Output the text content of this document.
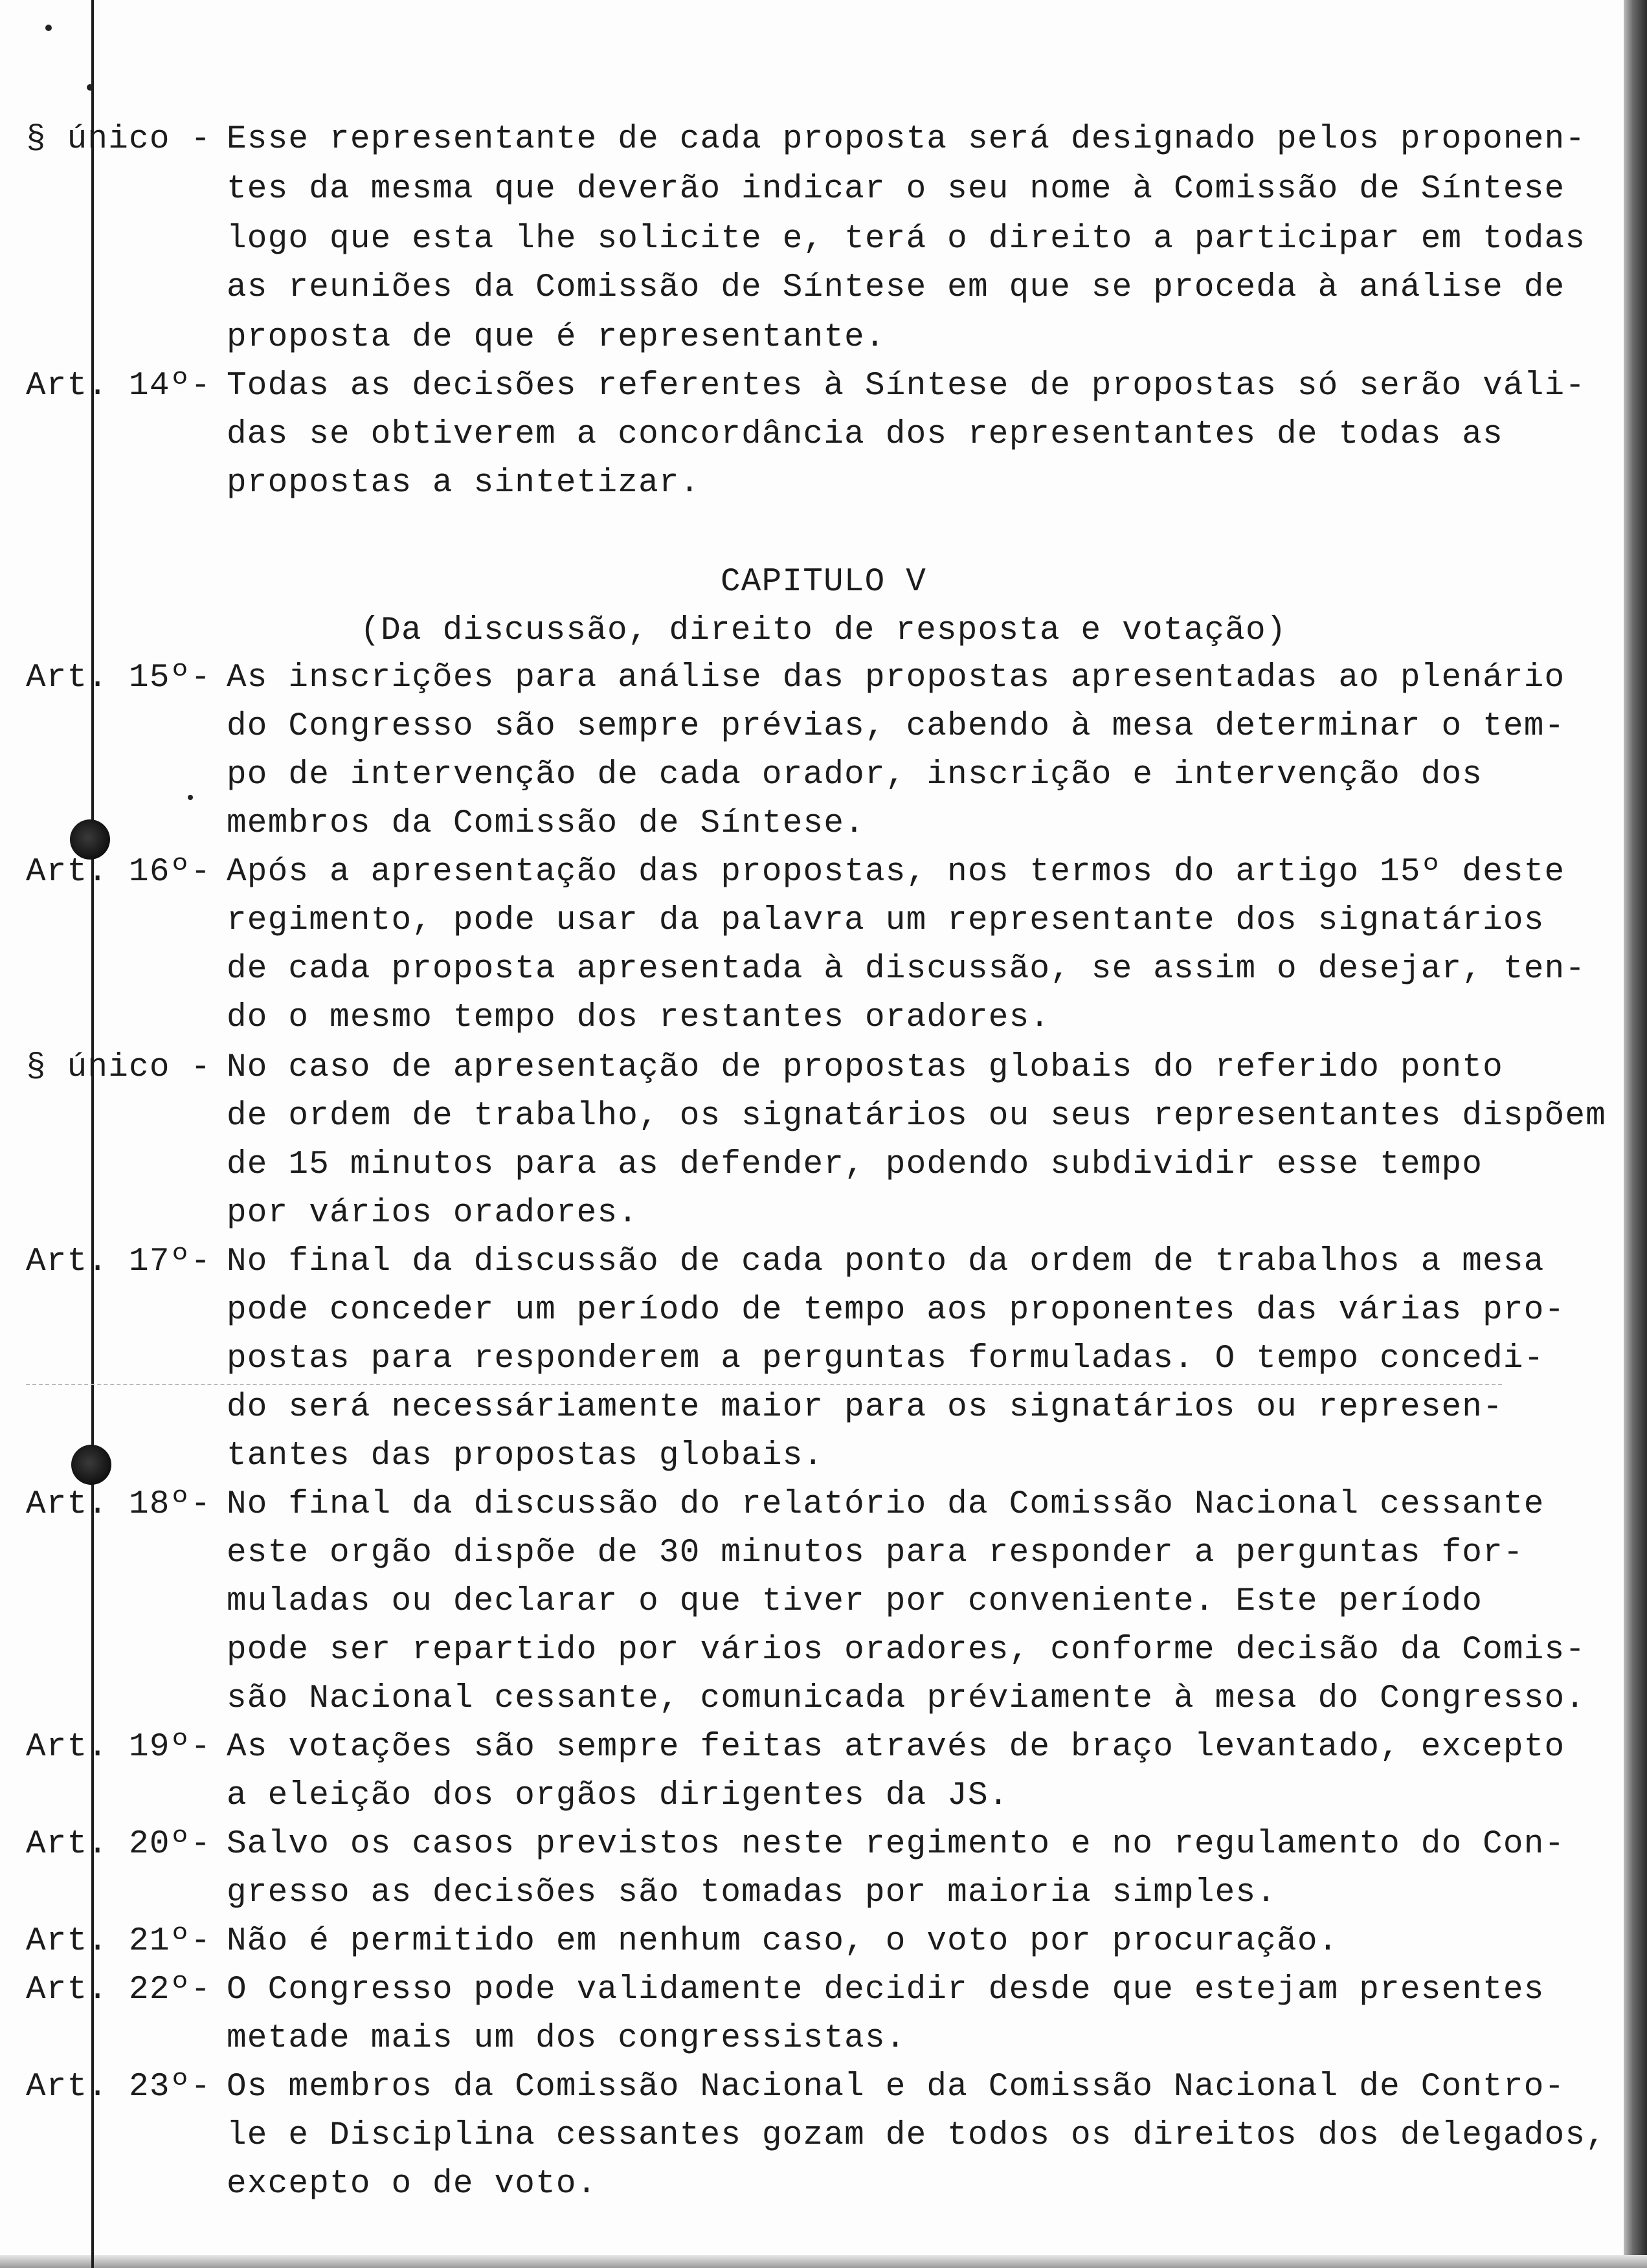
§ único - Esse representante de cada proposta será designado pelos proponen-
tes da mesma que deverão indicar o seu nome à Comissão de Síntese
logo que esta lhe solicite e, terá o direito a participar em todas
as reuniões da Comissão de Síntese em que se proceda à análise de
proposta de que é representante.
Art. 14º- Todas as decisões referentes à Síntese de propostas só serão váli-
das se obtiverem a concordância dos representantes de todas as
propostas a sintetizar.
CAPITULO V
(Da discussão, direito de resposta e votação)
Art. 15º- As inscrições para análise das propostas apresentadas ao plenário
do Congresso são sempre prévias, cabendo à mesa determinar o tem-
po de intervenção de cada orador, inscrição e intervenção dos
membros da Comissão de Síntese.
Art. 16º- Após a apresentação das propostas, nos termos do artigo 15º deste
regimento, pode usar da palavra um representante dos signatários
de cada proposta apresentada à discussão, se assim o desejar, ten-
do o mesmo tempo dos restantes oradores.
§ único - No caso de apresentação de propostas globais do referido ponto
de ordem de trabalho, os signatários ou seus representantes dispõem
de 15 minutos para as defender, podendo subdividir esse tempo
por vários oradores.
Art. 17º- No final da discussão de cada ponto da ordem de trabalhos a mesa
pode conceder um período de tempo aos proponentes das várias pro-
postas para responderem a perguntas formuladas. O tempo concedi-
do será necessáriamente maior para os signatários ou represen-
tantes das propostas globais.
Art. 18º- No final da discussão do relatório da Comissão Nacional cessante
este orgão dispõe de 30 minutos para responder a perguntas for-
muladas ou declarar o que tiver por conveniente. Este período
pode ser repartido por vários oradores, conforme decisão da Comis-
são Nacional cessante, comunicada préviamente à mesa do Congresso.
Art. 19º- As votações são sempre feitas através de braço levantado, excepto
a eleição dos orgãos dirigentes da JS.
Art. 20º- Salvo os casos previstos neste regimento e no regulamento do Con-
gresso as decisões são tomadas por maioria simples.
Art. 21º- Não é permitido em nenhum caso, o voto por procuração.
Art. 22º- O Congresso pode validamente decidir desde que estejam presentes
metade mais um dos congressistas.
Art. 23º- Os membros da Comissão Nacional e da Comissão Nacional de Contro-
le e Disciplina cessantes gozam de todos os direitos dos delegados,
excepto o de voto.
